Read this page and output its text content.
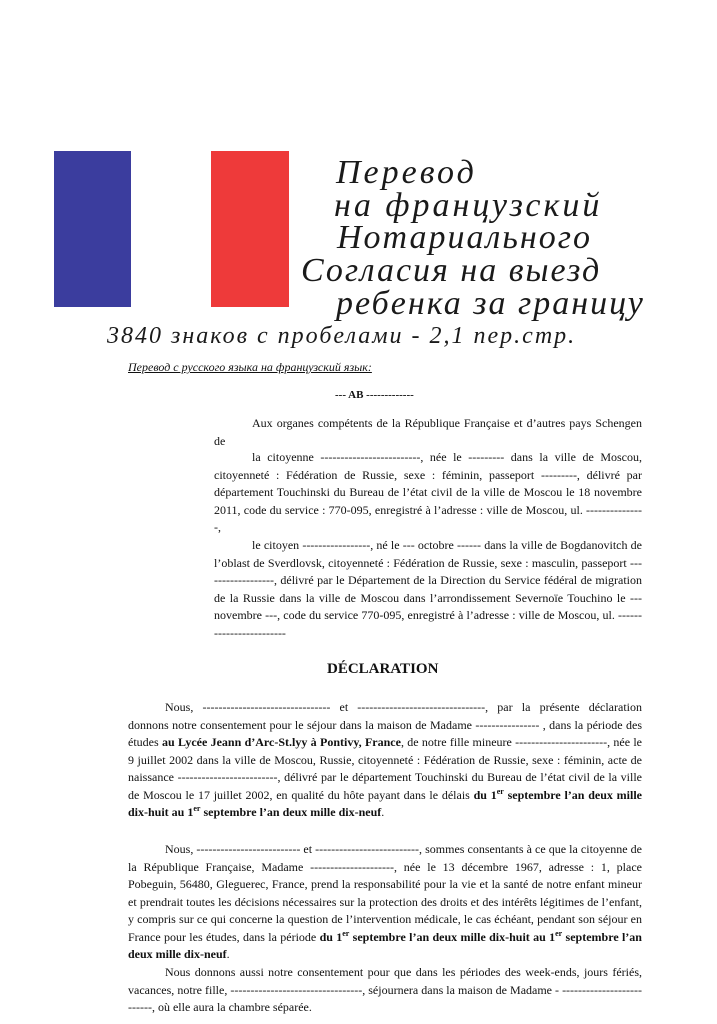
Перевод
на французский
Нотариального
Согласия на выезд
ребенка за границу
3840 знаков с пробелами - 2,1 пер.стр.
Перевод с русского языка на французский язык:
--- AB -------------

Aux organes compétents de la République Française et d’autres pays Schengen de

la citoyenne -------------------------, née le --------- dans la ville de Moscou, citoyenneté : Fédération de Russie, sexe : féminin, passeport ---------, délivré par département Touchinski du Bureau de l’état civil de la ville de Moscou le 18 novembre 2011, code du service : 770-095, enregistré à l’adresse : ville de Moscou, ul. ---------------,

le citoyen -----------------, né le --- octobre ------ dans la ville de Bogdanovitch de l’oblast de Sverdlovsk, citoyenneté : Fédération de Russie, sexe : masculin, passeport ------------------, délivré par le Département de la Direction du Service fédéral de migration de la Russie dans la ville de Moscou dans l’arrondissement Severnoïe Touchino le --- novembre ---, code du service 770-095, enregistré à l’adresse : ville de Moscou, ul. ------------------------

DÉCLARATION

Nous, -------------------------------- et --------------------------------, par la présente déclaration donnons notre consentement pour le séjour dans la maison de Madame ---------------- , dans la période des études au Lycée Jeann d’Arc-St.lyy à Pontivy, France, de notre fille mineure -----------------------, née le 9 juillet 2002 dans la ville de Moscou, Russie, citoyenneté : Fédération de Russie, sexe : féminin, acte de naissance -------------------------, délivré par le département Touchinski du Bureau de l’état civil de la ville de Moscou le 17 juillet 2002, en qualité du hôte payant dans le délais du 1er septembre l’an deux mille dix-huit au 1er septembre l’an deux mille dix-neuf.

Nous, -------------------------- et --------------------------, sommes consentants à ce que la citoyenne de la République Française, Madame ---------------------, née le 13 décembre 1967, adresse : 1, place Pobeguin, 56480, Gleguerec, France, prend la responsabilité pour la vie et la santé de notre enfant mineur et prendrait toutes les décisions nécessaires sur la protection des droits et des intérêts légitimes de l’enfant, y compris sur ce qui concerne la question de l’intervention médicale, le cas échéant, pendant son séjour en France pour les études, dans la période du 1er septembre l’an deux mille dix-huit au 1er septembre l’an deux mille dix-neuf.

Nous donnons aussi notre consentement pour que dans les périodes des week-ends, jours fériés, vacances, notre fille, ---------------------------------, séjournera dans la maison de Madame - --------------------------, où elle aura la chambre séparée.
